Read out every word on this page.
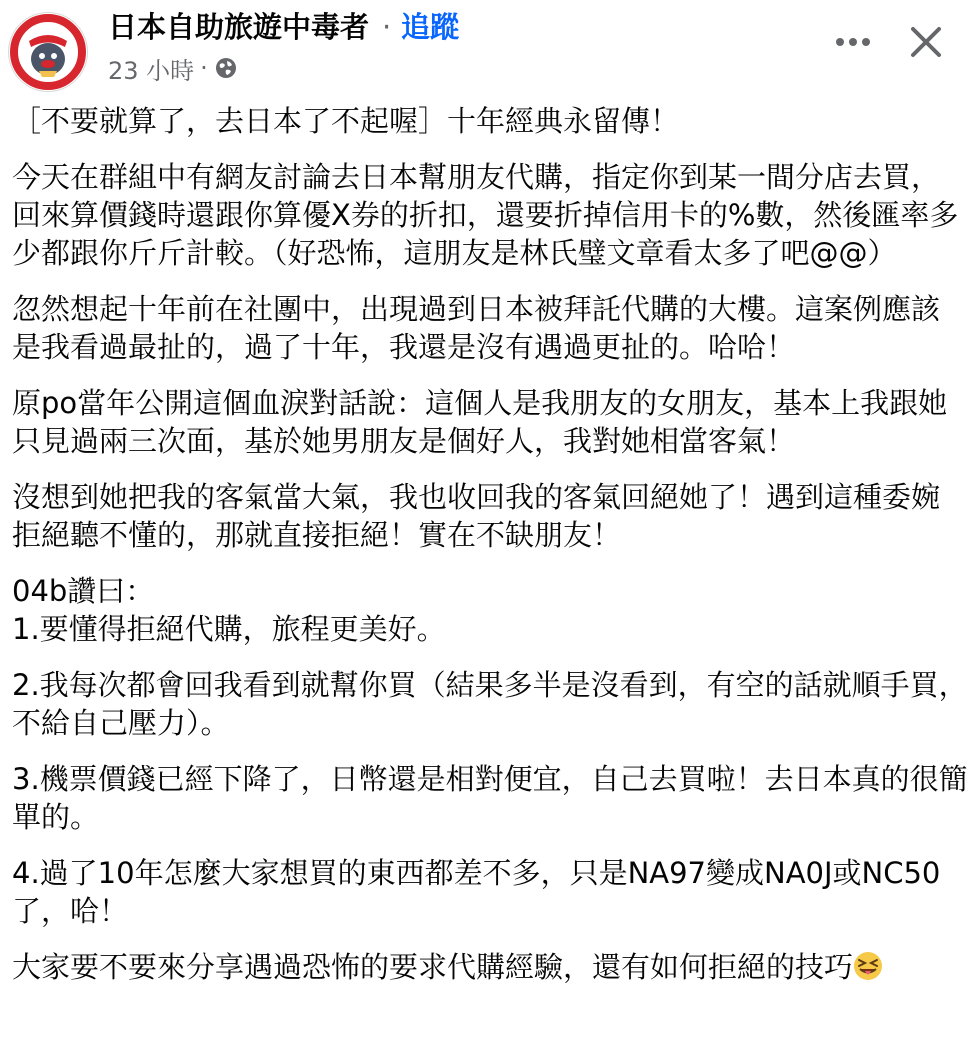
日本自助旅遊中毒者 · 追蹤
23 小時 ·

［不要就算了，去日本了不起喔］十年經典永留傳！

今天在群組中有網友討論去日本幫朋友代購，指定你到某一間分店去買，回來算價錢時還跟你算優X券的折扣，還要折掉信用卡的%數，然後匯率多少都跟你斤斤計較。（好恐怖，這朋友是林氏璧文章看太多了吧@@）

忽然想起十年前在社團中，出現過到日本被拜託代購的大樓。這案例應該是我看過最扯的，過了十年，我還是沒有遇過更扯的。哈哈！

原po當年公開這個血淚對話說：這個人是我朋友的女朋友，基本上我跟她只見過兩三次面，基於她男朋友是個好人，我對她相當客氣！

沒想到她把我的客氣當大氣，我也收回我的客氣回絕她了！遇到這種委婉拒絕聽不懂的，那就直接拒絕！實在不缺朋友！

04b讚曰：

1.要懂得拒絕代購，旅程更美好。

2.我每次都會回我看到就幫你買（結果多半是沒看到，有空的話就順手買，不給自己壓力）。

3.機票價錢已經下降了，日幣還是相對便宜，自己去買啦！去日本真的很簡單的。

4.過了10年怎麼大家想買的東西都差不多，只是NA97變成NA0J或NC50了，哈！

大家要不要來分享遇過恐怖的要求代購經驗，還有如何拒絕的技巧
